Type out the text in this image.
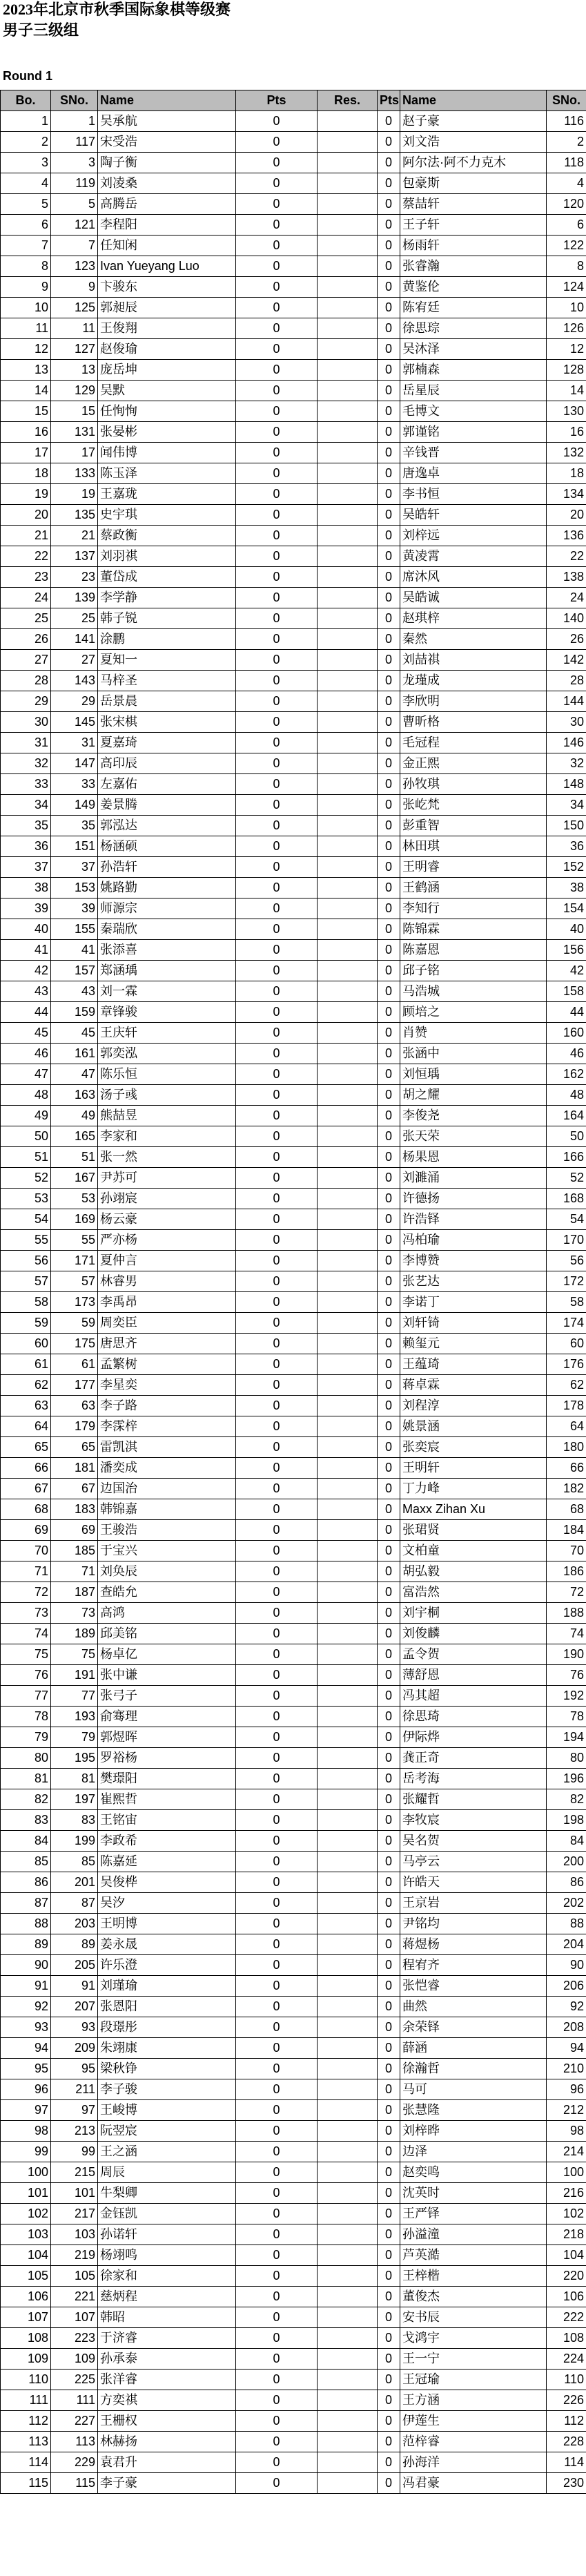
2023年北京市秋季国际象棋等级赛
男子三级组
Round 1
Bo.	SNo.	Name	Pts	Res.	Pts	Name	SNo.
1	1	吴承航	0		0	赵子豪	116
2	117	宋受浩	0		0	刘文浩	2
3	3	陶子衡	0		0	阿尔法·阿不力克木	118
4	119	刘凌桑	0		0	包豪斯	4
5	5	高腾岳	0		0	蔡喆轩	120
6	121	李程阳	0		0	王子轩	6
7	7	任知闲	0		0	杨雨轩	122
8	123	Ivan Yueyang Luo	0		0	张睿瀚	8
9	9	卞骏东	0		0	黄鉴伦	124
10	125	郭昶辰	0		0	陈宥廷	10
11	11	王俊翔	0		0	徐思琮	126
12	127	赵俊瑜	0		0	吴沐泽	12
13	13	庞岳坤	0		0	郭楠森	128
14	129	吴默	0		0	岳星辰	14
15	15	任恂恂	0		0	毛博文	130
16	131	张晏彬	0		0	郭谨铭	16
17	17	闻伟博	0		0	辛钱晋	132
18	133	陈玉泽	0		0	唐逸卓	18
19	19	王嘉珑	0		0	李书恒	134
20	135	史宇琪	0		0	吴皓轩	20
21	21	蔡政衡	0		0	刘梓远	136
22	137	刘羽祺	0		0	黄凌霄	22
23	23	董岱成	0		0	席沐风	138
24	139	李学静	0		0	吴皓诚	24
25	25	韩子锐	0		0	赵琪梓	140
26	141	涂鹏	0		0	秦然	26
27	27	夏知一	0		0	刘喆祺	142
28	143	马梓圣	0		0	龙瑾成	28
29	29	岳景晨	0		0	李欣明	144
30	145	张宋棋	0		0	曹昕格	30
31	31	夏嘉琦	0		0	毛冠程	146
32	147	高印辰	0		0	金正熙	32
33	33	左嘉佑	0		0	孙牧琪	148
34	149	姜景腾	0		0	张屹梵	34
35	35	郭泓达	0		0	彭重智	150
36	151	杨涵硕	0		0	林田琪	36
37	37	孙浩轩	0		0	王明睿	152
38	153	姚路勤	0		0	王鹤涵	38
39	39	师源宗	0		0	李知行	154
40	155	秦瑞欣	0		0	陈锦霖	40
41	41	张添喜	0		0	陈嘉恩	156
42	157	郑涵瑀	0		0	邱子铭	42
43	43	刘一霖	0		0	马浩城	158
44	159	章锋骏	0		0	顾培之	44
45	45	王庆轩	0		0	肖赞	160
46	161	郭奕泓	0		0	张涵中	46
47	47	陈乐恒	0		0	刘恒瑀	162
48	163	汤子彧	0		0	胡之耀	48
49	49	熊喆昱	0		0	李俊尧	164
50	165	李家和	0		0	张天荣	50
51	51	张一然	0		0	杨果恩	166
52	167	尹苏可	0		0	刘濉涌	52
53	53	孙翊宸	0		0	许德扬	168
54	169	杨云豪	0		0	许浩铎	54
55	55	严亦杨	0		0	冯柏瑜	170
56	171	夏仲言	0		0	李博赞	56
57	57	林睿男	0		0	张艺达	172
58	173	李禹昂	0		0	李诺丁	58
59	59	周奕臣	0		0	刘轩锜	174
60	175	唐思齐	0		0	赖玺元	60
61	61	孟繁树	0		0	王蕴琦	176
62	177	李星奕	0		0	蒋卓霖	62
63	63	李子路	0		0	刘程淳	178
64	179	李霂梓	0		0	姚景涵	64
65	65	雷凯淇	0		0	张奕宸	180
66	181	潘奕成	0		0	王明轩	66
67	67	边国治	0		0	丁力峰	182
68	183	韩锦嘉	0		0	Maxx Zihan Xu	68
69	69	王骏浩	0		0	张珺贤	184
70	185	于宝兴	0		0	文柏童	70
71	71	刘奂辰	0		0	胡弘毅	186
72	187	查皓允	0		0	富浩然	72
73	73	高鸿	0		0	刘宇桐	188
74	189	邱美铭	0		0	刘俊麟	74
75	75	杨卓亿	0		0	孟令贺	190
76	191	张中谦	0		0	薄舒恩	76
77	77	张弓子	0		0	冯其超	192
78	193	俞骞理	0		0	徐思琦	78
79	79	郭煜晖	0		0	伊际烨	194
80	195	罗裕杨	0		0	龚正奇	80
81	81	樊璟阳	0		0	岳考海	196
82	197	崔熙哲	0		0	张耀哲	82
83	83	王铭宙	0		0	李牧宸	198
84	199	李政希	0		0	吴名贺	84
85	85	陈嘉延	0		0	马亭云	200
86	201	吴俊桦	0		0	许皓天	86
87	87	吴汐	0		0	王京岩	202
88	203	王明博	0		0	尹铭均	88
89	89	姜永晟	0		0	蒋煜杨	204
90	205	许乐澄	0		0	程宥齐	90
91	91	刘瑾瑜	0		0	张恺睿	206
92	207	张恩阳	0		0	曲然	92
93	93	段璟彤	0		0	余荣铎	208
94	209	朱翊康	0		0	薛涵	94
95	95	梁秋铮	0		0	徐瀚哲	210
96	211	李子骏	0		0	马可	96
97	97	王峻博	0		0	张慧隆	212
98	213	阮翌宸	0		0	刘梓晔	98
99	99	王之涵	0		0	边泽	214
100	215	周辰	0		0	赵奕鸣	100
101	101	牛梨卿	0		0	沈英时	216
102	217	金钰凯	0		0	王严铎	102
103	103	孙诺轩	0		0	孙溢潼	218
104	219	杨翊鸣	0		0	芦英澔	104
105	105	徐家和	0		0	王梓楷	220
106	221	慈炳程	0		0	董俊杰	106
107	107	韩昭	0		0	安书辰	222
108	223	于济睿	0		0	戈鸿宇	108
109	109	孙承泰	0		0	王一宁	224
110	225	张洋睿	0		0	王冠瑜	110
111	111	方奕祺	0		0	王方涵	226
112	227	王栅权	0		0	伊莲生	112
113	113	林赫扬	0		0	范梓睿	228
114	229	袁君升	0		0	孙海洋	114
115	115	李子豪	0		0	冯君豪	230
